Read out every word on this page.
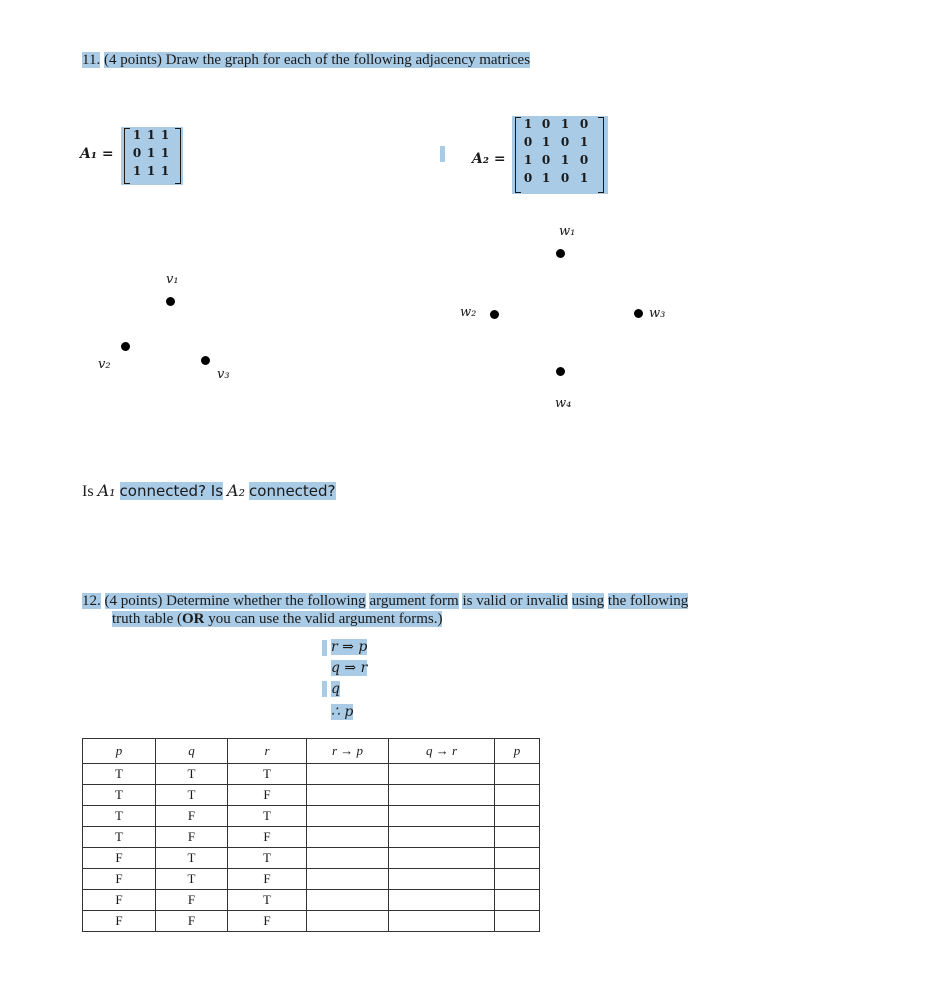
11. (4 points) Draw the graph for each of the following adjacency matrices
A₁ =
1 1 1
0 1 1
1 1 1
A₂ =
1 0 1 0
0 1 0 1
1 0 1 0
0 1 0 1
v₁
v₂
v₃
w₁
w₂	w₃
w₄
Is A₁ connected? Is A₂ connected?
12. (4 points) Determine whether the following argument form is valid or invalid using the following
truth table (OR you can use the valid argument forms.)
r ⇒ p
q ⇒ r
q
∴ p
p	q	r	r → p	q → r	p
T	T	T			
T	T	F			
T	F	T			
T	F	F			
F	T	T			
F	T	F			
F	F	T			
F	F	F			
